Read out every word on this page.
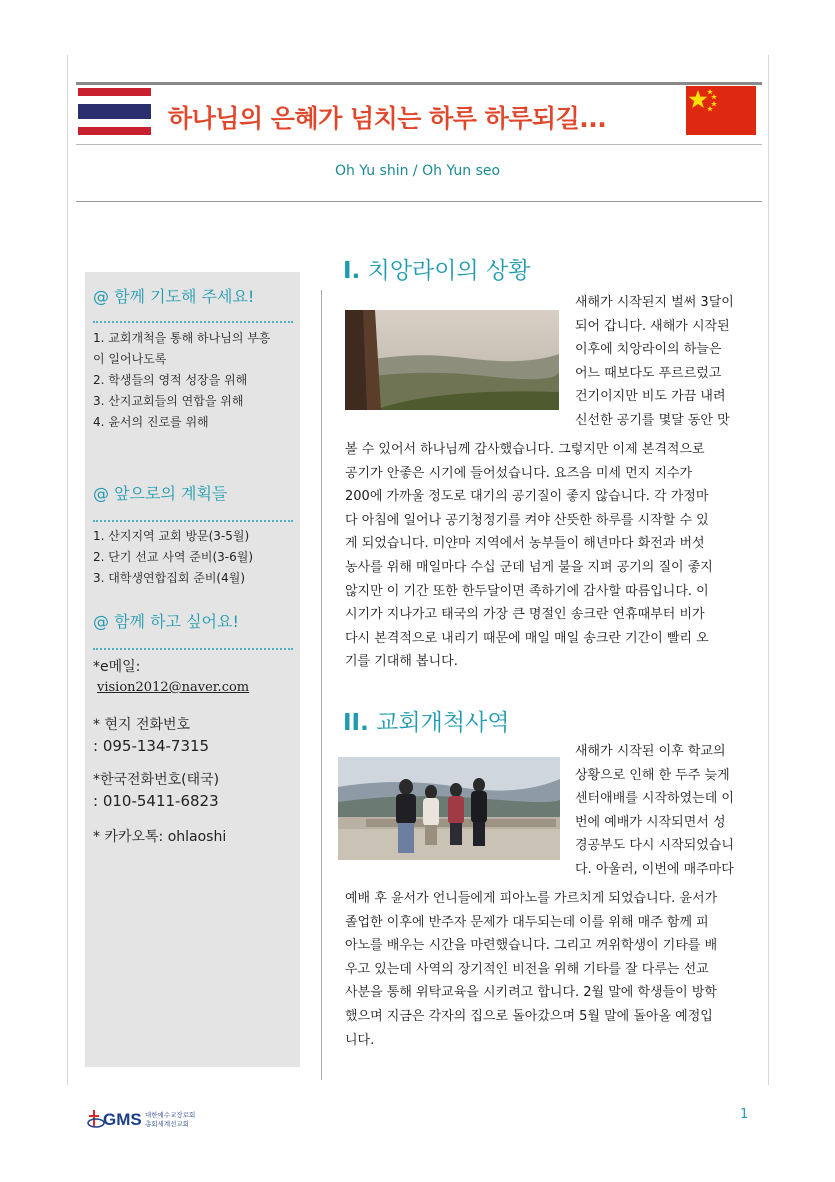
하나님의 은혜가 넘치는 하루 하루되길...
Oh Yu shin / Oh Yun seo
@ 함께 기도해 주세요!
1. 교회개척을 통해 하나님의 부흥
이 일어나도록
2. 학생들의 영적 성장을 위해
3. 산지교회들의 연합을 위해
4. 윤서의 진로를 위해
@ 앞으로의 계획들
1. 산지지역 교회 방문(3-5월)
2. 단기 선교 사역 준비(3-6월)
3. 대학생연합집회 준비(4월)
@ 함께 하고 싶어요!
*e메일:
vision2012@naver.com
* 현지 전화번호
: 095-134-7315
*한국전화번호(태국)
: 010-5411-6823
* 카카오톡: ohlaoshi
I. 치앙라이의 상황
새해가 시작된지 벌써 3달이
되어 갑니다. 새해가 시작된
이후에 치앙라이의 하늘은
어느 때보다도 푸르르렀고
건기이지만 비도 가끔 내려
신선한 공기를 몇달 동안 맛
볼 수 있어서 하나님께 감사했습니다. 그렇지만 이제 본격적으로
공기가 안좋은 시기에 들어섰습니다. 요즈음 미세 먼지 지수가
200에 가까울 정도로 대기의 공기질이 좋지 않습니다. 각 가정마
다 아침에 일어나 공기청정기를 켜야 산뜻한 하루를 시작할 수 있
게 되었습니다. 미얀마 지역에서 농부들이 해년마다 화전과 버섯
농사를 위해 매일마다 수십 군데 넘게 불을 지펴 공기의 질이 좋지
않지만 이 기간 또한 한두달이면 족하기에 감사할 따름입니다. 이
시기가 지나가고 태국의 가장 큰 명절인 송크란 연휴때부터 비가
다시 본격적으로 내리기 때문에 매일 매일 송크란 기간이 빨리 오
기를 기대해 봅니다.
II. 교회개척사역
새해가 시작된 이후 학교의
상황으로 인해 한 두주 늦게
센터애배를 시작하였는데 이
번에 예배가 시작되면서 성
경공부도 다시 시작되었습니
다. 아울러, 이번에 매주마다
예배 후 윤서가 언니들에게 피아노를 가르치게 되었습니다. 윤서가
졸업한 이후에 반주자 문제가 대두되는데 이를 위해 매주 함께 피
아노를 배우는 시간을 마련했습니다. 그리고 꺼위학생이 기타를 배
우고 있는데 사역의 장기적인 비전을 위해 기타를 잘 다루는 선교
사분을 통해 위탁교육을 시키려고 합니다. 2월 말에 학생들이 방학
했으며 지금은 각자의 집으로 돌아갔으며 5월 말에 돌아올 예정입
니다.
GMS 대한예수교장로회
총회세계선교회
1
